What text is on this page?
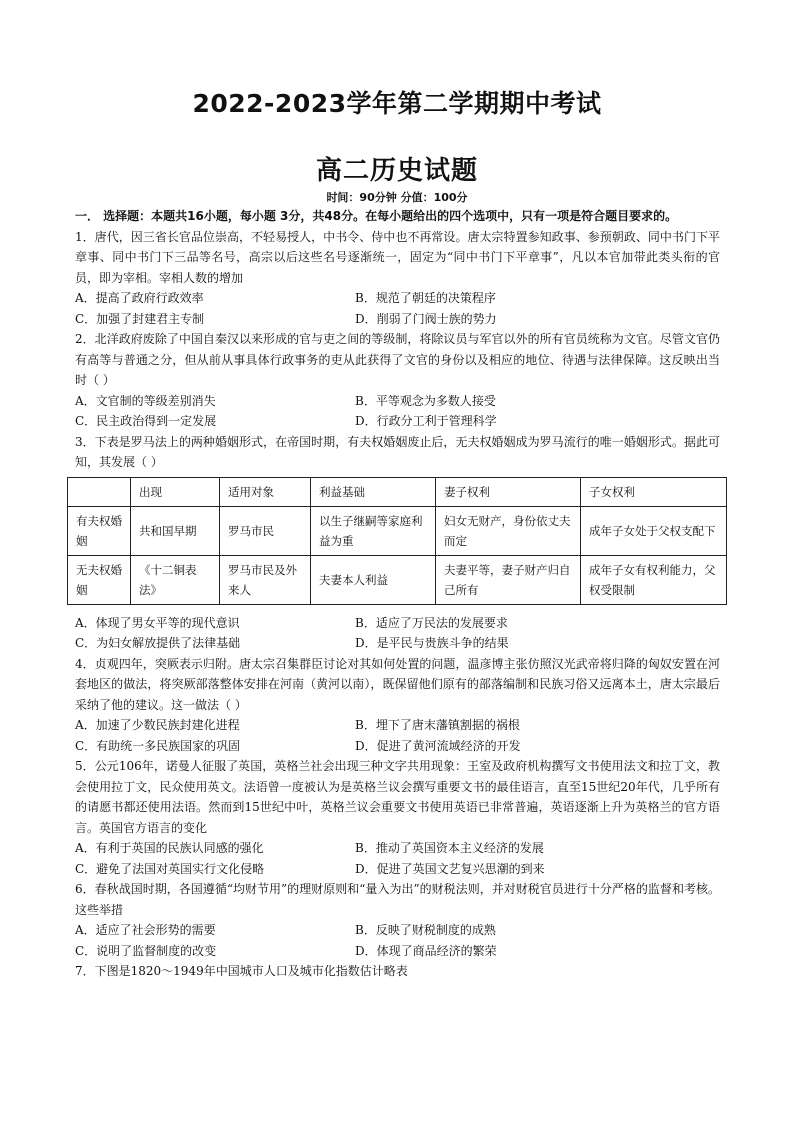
2022-2023学年第二学期期中考试
高二历史试题
时间：90分钟 分值：100分

一． 选择题：本题共16小题，每小题 3分，共48分。在每小题给出的四个选项中，只有一项是符合题目要求的。

1．唐代，因三省长官品位崇高，不轻易授人，中书令、侍中也不再常设。唐太宗特置参知政事、参预朝政、同中书门下平章事、同中书门下三品等名号，高宗以后这些名号逐渐统一，固定为“同中书门下平章事”，凡以本官加带此类头衔的官员，即为宰相。宰相人数的增加

A．提高了政府行政效率	B．规范了朝廷的决策程序

C．加强了封建君主专制	D．削弱了门阀士族的势力

2．北洋政府废除了中国自秦汉以来形成的官与吏之间的等级制，将除议员与军官以外的所有官员统称为文官。尽管文官仍有高等与普通之分，但从前从事具体行政事务的吏从此获得了文官的身份以及相应的地位、待遇与法律保障。这反映出当时（ ）

A．文官制的等级差别消失	B．平等观念为多数人接受

C．民主政治得到一定发展	D．行政分工利于管理科学

3．下表是罗马法上的两种婚姻形式，在帝国时期，有夫权婚姻废止后，无夫权婚姻成为罗马流行的唯一婚姻形式。据此可知，其发展（ ）

	出现	适用对象	利益基础	妻子权利	子女权利
有夫权婚姻	共和国早期	罗马市民	以生子继嗣等家庭利益为重	妇女无财产，身份依丈夫而定	成年子女处于父权支配下
无夫权婚姻	《十二铜表法》	罗马市民及外来人	夫妻本人利益	夫妻平等，妻子财产归自己所有	成年子女有权利能力，父权受限制

A．体现了男女平等的现代意识	B．适应了万民法的发展要求

C．为妇女解放提供了法律基础	D．是平民与贵族斗争的结果

4．贞观四年，突厥表示归附。唐太宗召集群臣讨论对其如何处置的问题，温彦博主张仿照汉光武帝将归降的匈奴安置在河套地区的做法，将突厥部落整体安排在河南（黄河以南），既保留他们原有的部落编制和民族习俗又远离本土，唐太宗最后采纳了他的建议。这一做法（ ）

A．加速了少数民族封建化进程	B．埋下了唐末藩镇割据的祸根

C．有助统一多民族国家的巩固	D．促进了黄河流域经济的开发

5．公元106年，诺曼人征服了英国，英格兰社会出现三种文字共用现象：王室及政府机构撰写文书使用法文和拉丁文，教会使用拉丁文，民众使用英文。法语曾一度被认为是英格兰议会撰写重要文书的最佳语言，直至15世纪20年代，几乎所有的请愿书都还使用法语。然而到15世纪中叶，英格兰议会重要文书使用英语已非常普遍，英语逐渐上升为英格兰的官方语言。英国官方语言的变化

A．有利于英国的民族认同感的强化	B．推动了英国资本主义经济的发展

C．避免了法国对英国实行文化侵略	D．促进了英国文艺复兴思潮的到来

6．春秋战国时期，各国遵循“均财节用”的理财原则和“量入为出”的财税法则，并对财税官员进行十分严格的监督和考核。这些举措

A．适应了社会形势的需要	B．反映了财税制度的成熟

C．说明了监督制度的改变	D．体现了商品经济的繁荣

7．下图是1820～1949年中国城市人口及城市化指数估计略表
